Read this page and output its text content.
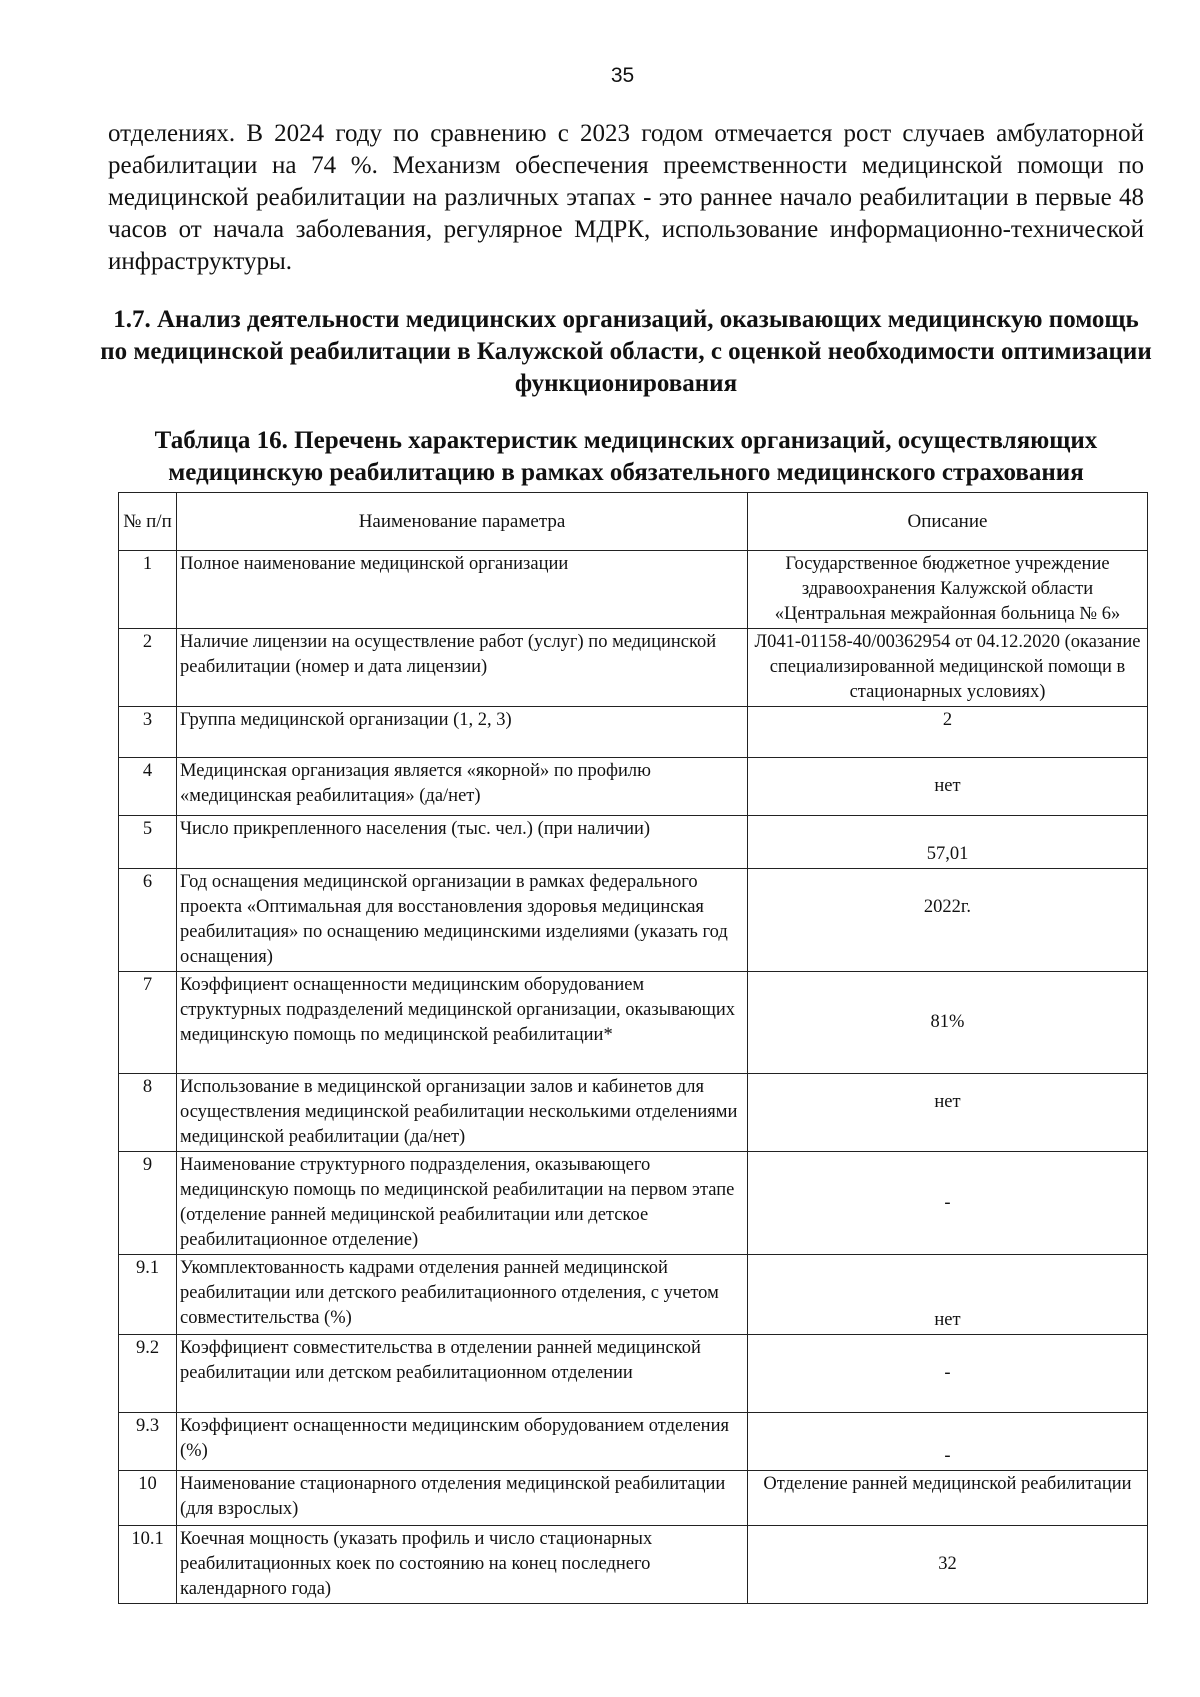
35

отделениях. В 2024 году по сравнению с 2023 годом отмечается рост случаев амбулаторной реабилитации на 74 %. Механизм обеспечения преемственности медицинской помощи по медицинской реабилитации на различных этапах - это раннее начало реабилитации в первые 48 часов от начала заболевания, регулярное МДРК, использование информационно-технической инфраструктуры.

1.7. Анализ деятельности медицинских организаций, оказывающих медицинскую помощь по медицинской реабилитации в Калужской области, с оценкой необходимости оптимизации функционирования
Таблица 16. Перечень характеристик медицинских организаций, осуществляющих медицинскую реабилитацию в рамках обязательного медицинского страхования
№ п/п	Наименование параметра	Описание
1	Полное наименование медицинской организации	Государственное бюджетное учреждение здравоохранения Калужской области «Центральная межрайонная больница № 6»
2	Наличие лицензии на осуществление работ (услуг) по медицинской реабилитации (номер и дата лицензии)	Л041-01158-40/00362954 от 04.12.2020 (оказание специализированной медицинской помощи в стационарных условиях)
3	Группа медицинской организации (1, 2, 3)	2
4	Медицинская организация является «якорной» по профилю «медицинская реабилитация» (да/нет)	нет
5	Число прикрепленного населения (тыс. чел.) (при наличии)	57,01
6	Год оснащения медицинской организации в рамках федерального проекта «Оптимальная для восстановления здоровья медицинская реабилитация» по оснащению медицинскими изделиями (указать год оснащения)	2022г.
7	Коэффициент оснащенности медицинским оборудованием структурных подразделений медицинской организации, оказывающих медицинскую помощь по медицинской реабилитации*	81%
8	Использование в медицинской организации залов и кабинетов для осуществления медицинской реабилитации несколькими отделениями медицинской реабилитации (да/нет)	нет
9	Наименование структурного подразделения, оказывающего медицинскую помощь по медицинской реабилитации на первом этапе (отделение ранней медицинской реабилитации или детское реабилитационное отделение)	-
9.1	Укомплектованность кадрами отделения ранней медицинской реабилитации или детского реабилитационного отделения, с учетом совместительства (%)	нет
9.2	Коэффициент совместительства в отделении ранней медицинской реабилитации или детском реабилитационном отделении	-
9.3	Коэффициент оснащенности медицинским оборудованием отделения (%)	-
10	Наименование стационарного отделения медицинской реабилитации (для взрослых)	Отделение ранней медицинской реабилитации
10.1	Коечная мощность (указать профиль и число стационарных реабилитационных коек по состоянию на конец последнего календарного года)	32
